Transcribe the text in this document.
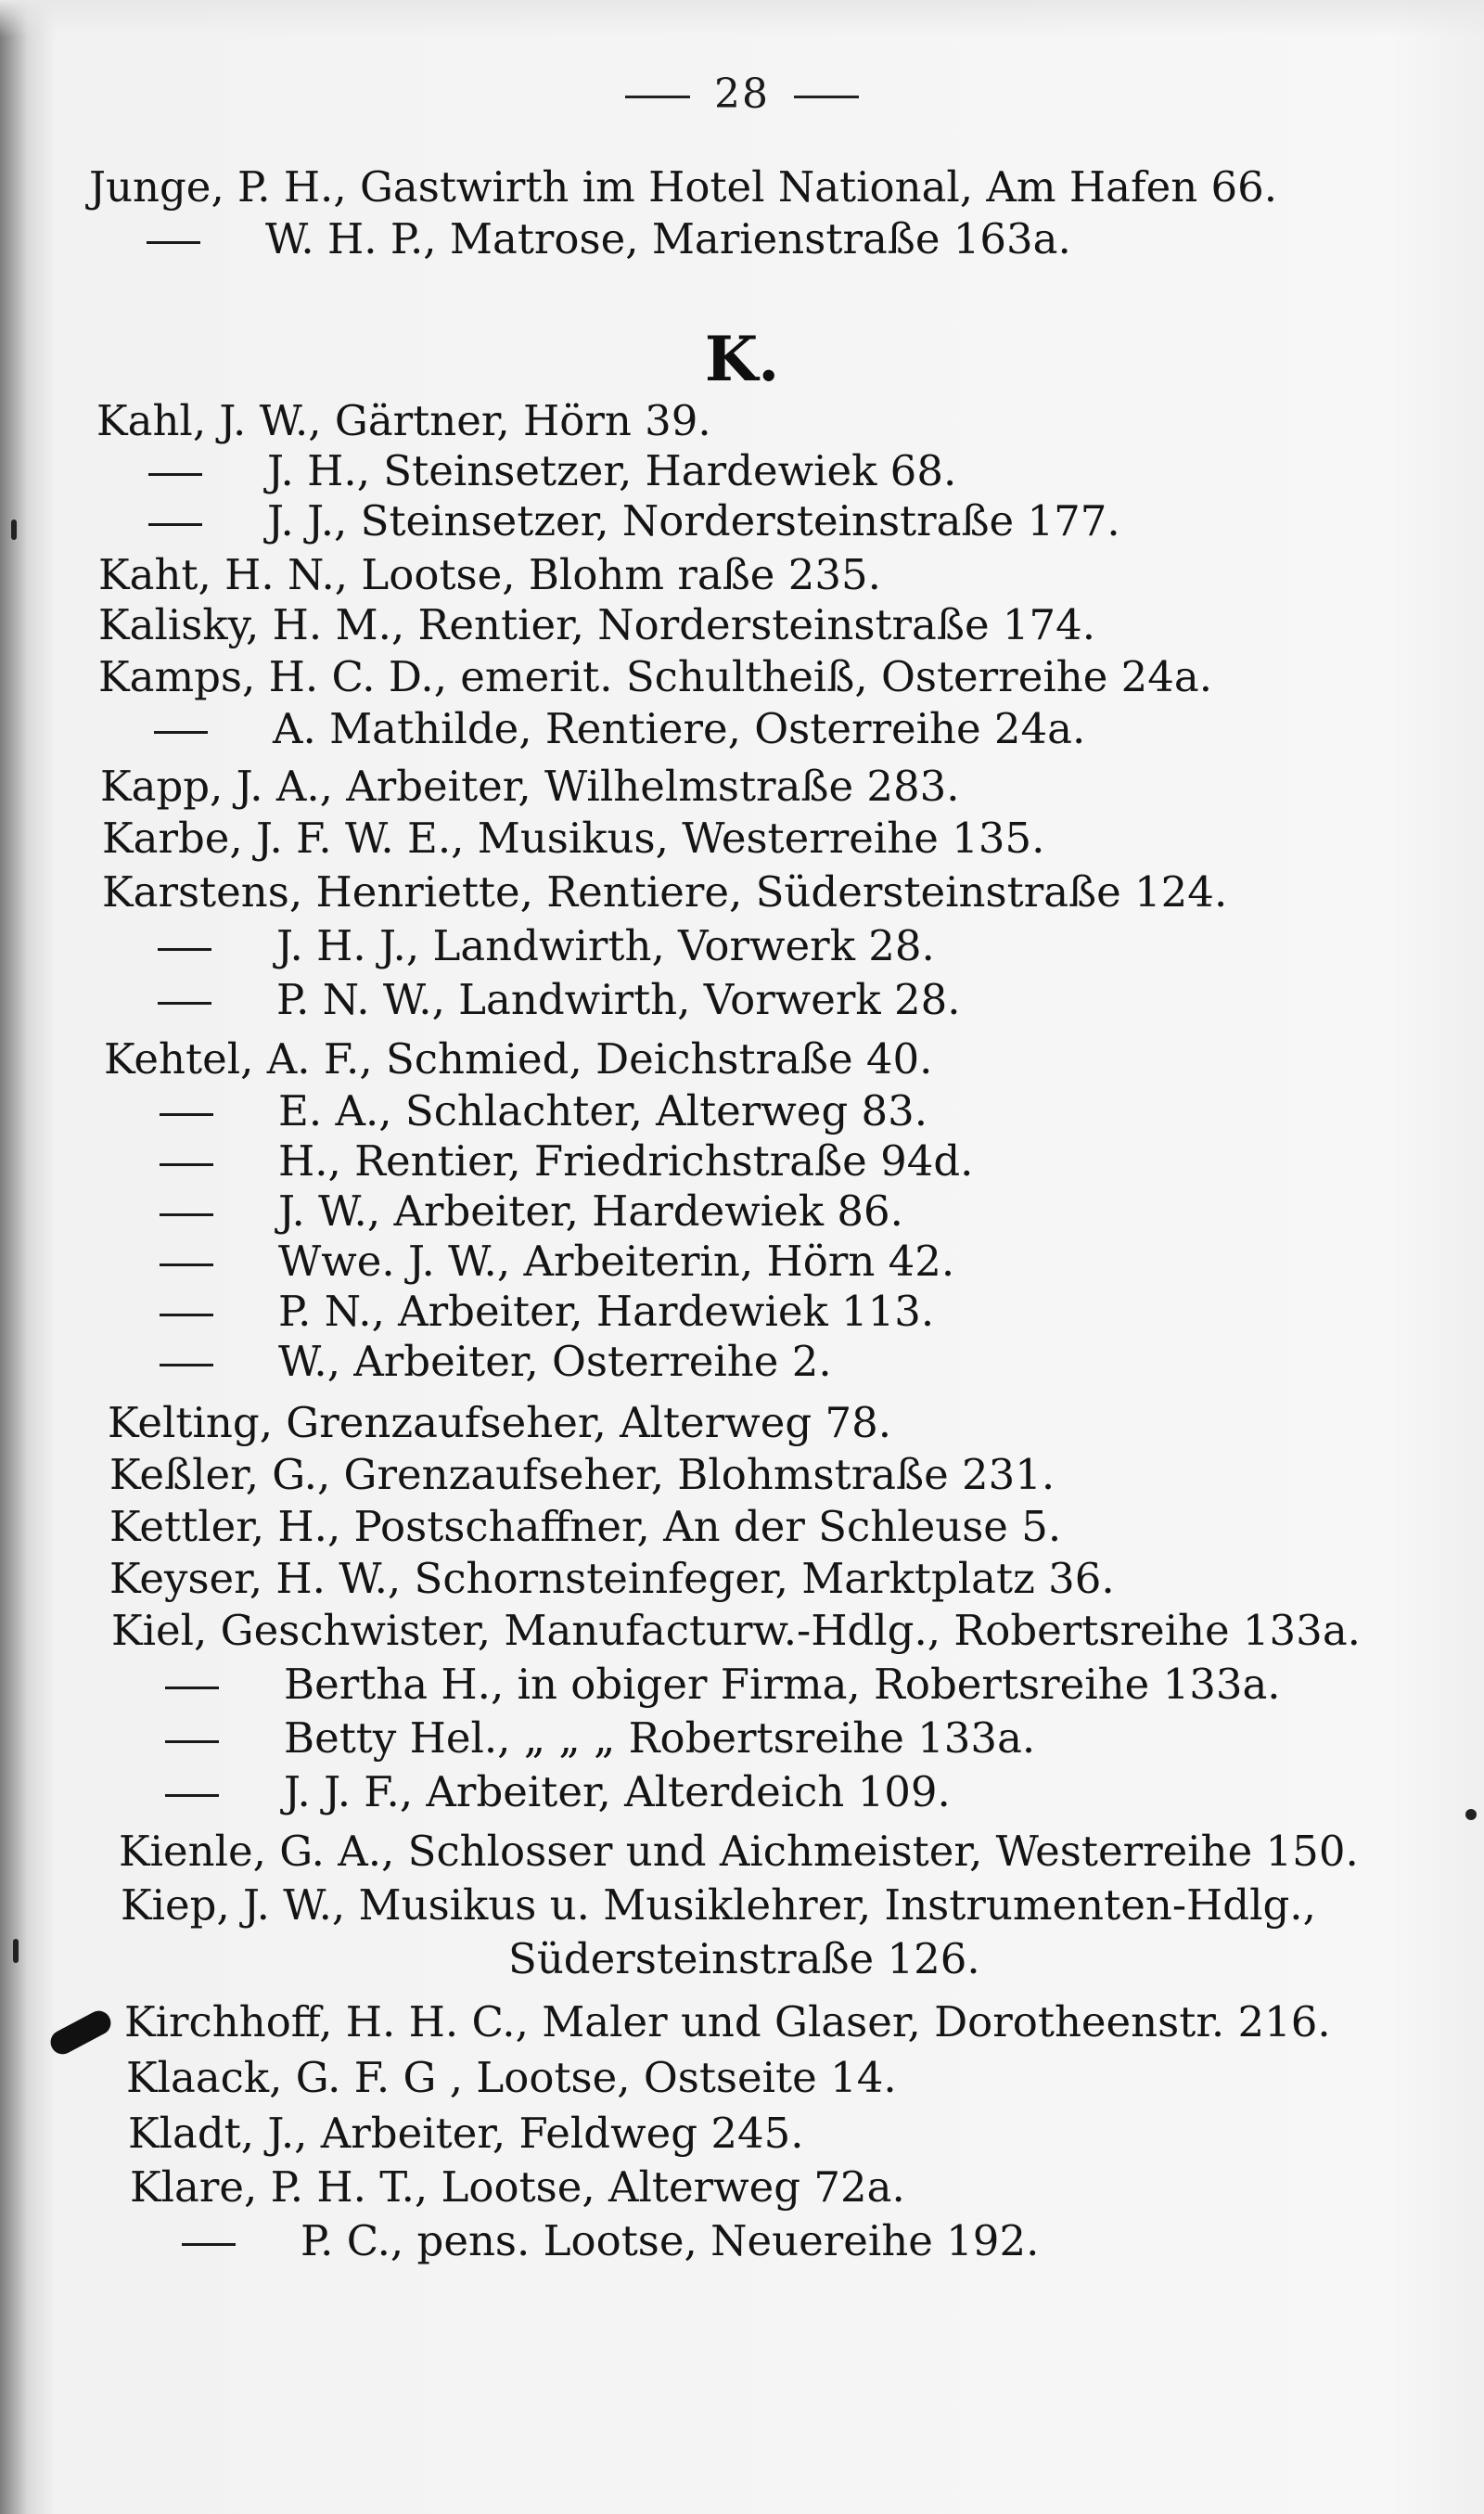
28
K.
Junge, P. H., Gastwirth im Hotel National, Am Hafen 66.
W. H. P., Matrose, Marienstraße 163a.
Kahl, J. W., Gärtner, Hörn 39.
J. H., Steinsetzer, Hardewiek 68.
J. J., Steinsetzer, Nordersteinstraße 177.
Kaht, H. N., Lootse, Blohm raße 235.
Kalisky, H. M., Rentier, Nordersteinstraße 174.
Kamps, H. C. D., emerit. Schultheiß, Osterreihe 24a.
A. Mathilde, Rentiere, Osterreihe 24a.
Kapp, J. A., Arbeiter, Wilhelmstraße 283.
Karbe, J. F. W. E., Musikus, Westerreihe 135.
Karstens, Henriette, Rentiere, Südersteinstraße 124.
J. H. J., Landwirth, Vorwerk 28.
P. N. W., Landwirth, Vorwerk 28.
Kehtel, A. F., Schmied, Deichstraße 40.
E. A., Schlachter, Alterweg 83.
H., Rentier, Friedrichstraße 94d.
J. W., Arbeiter, Hardewiek 86.
Wwe. J. W., Arbeiterin, Hörn 42.
P. N., Arbeiter, Hardewiek 113.
W., Arbeiter, Osterreihe 2.
Kelting, Grenzaufseher, Alterweg 78.
Keßler, G., Grenzaufseher, Blohmstraße 231.
Kettler, H., Postschaffner, An der Schleuse 5.
Keyser, H. W., Schornsteinfeger, Marktplatz 36.
Kiel, Geschwister, Manufacturw.-Hdlg., Robertsreihe 133a.
Bertha H., in obiger Firma, Robertsreihe 133a.
Betty Hel., „ „ „ Robertsreihe 133a.
J. J. F., Arbeiter, Alterdeich 109.
Kienle, G. A., Schlosser und Aichmeister, Westerreihe 150.
Kiep, J. W., Musikus u. Musiklehrer, Instrumenten-Hdlg.,
Südersteinstraße 126.
Kirchhoff, H. H. C., Maler und Glaser, Dorotheenstr. 216.
Klaack, G. F. G , Lootse, Ostseite 14.
Kladt, J., Arbeiter, Feldweg 245.
Klare, P. H. T., Lootse, Alterweg 72a.
P. C., pens. Lootse, Neuereihe 192.
